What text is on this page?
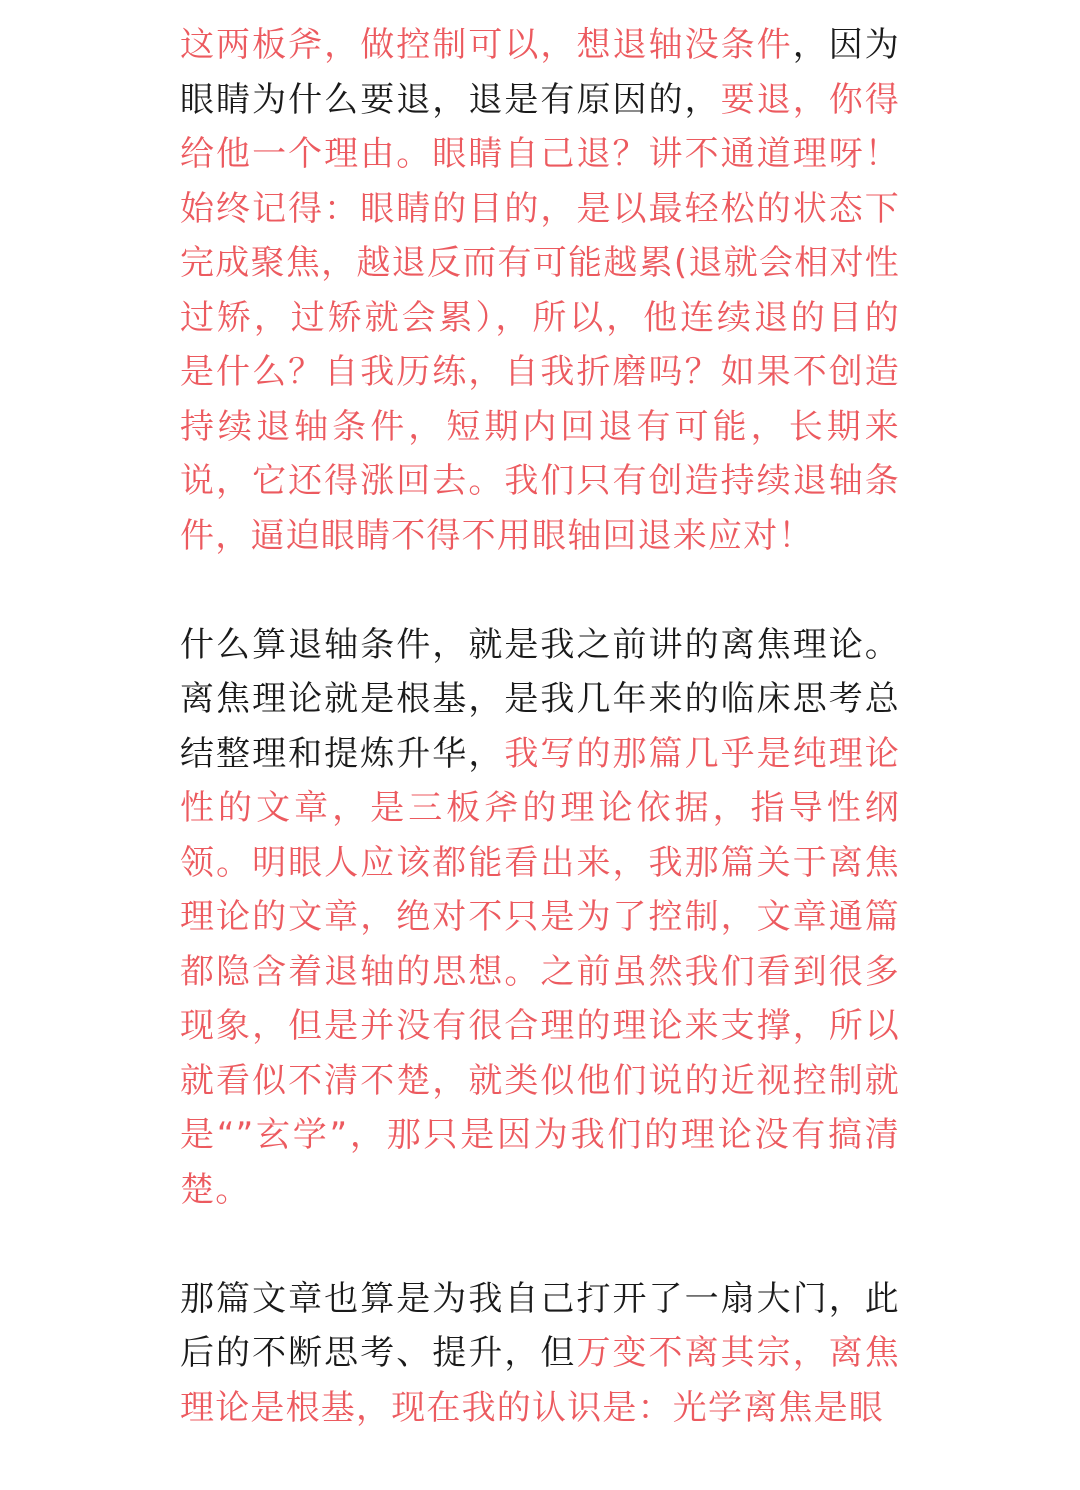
这两板斧，做控制可以，想退轴没条件，因为眼睛为什么要退，退是有原因的，要退，你得给他一个理由。眼睛自己退？讲不通道理呀！始终记得：眼睛的目的，是以最轻松的状态下完成聚焦，越退反而有可能越累(退就会相对性过矫，过矫就会累），所以，他连续退的目的是什么？自我历练，自我折磨吗？如果不创造持续退轴条件，短期内回退有可能，长期来说，它还得涨回去。我们只有创造持续退轴条件，逼迫眼睛不得不用眼轴回退来应对！

什么算退轴条件，就是我之前讲的离焦理论。离焦理论就是根基，是我几年来的临床思考总结整理和提炼升华，我写的那篇几乎是纯理论性的文章，是三板斧的理论依据，指导性纲领。明眼人应该都能看出来，我那篇关于离焦理论的文章，绝对不只是为了控制，文章通篇都隐含着退轴的思想。之前虽然我们看到很多现象，但是并没有很合理的理论来支撑，所以就看似不清不楚，就类似他们说的近视控制就是“”玄学”，那只是因为我们的理论没有搞清楚。

那篇文章也算是为我自己打开了一扇大门，此后的不断思考、提升，但万变不离其宗，离焦理论是根基，现在我的认识是：光学离焦是眼
